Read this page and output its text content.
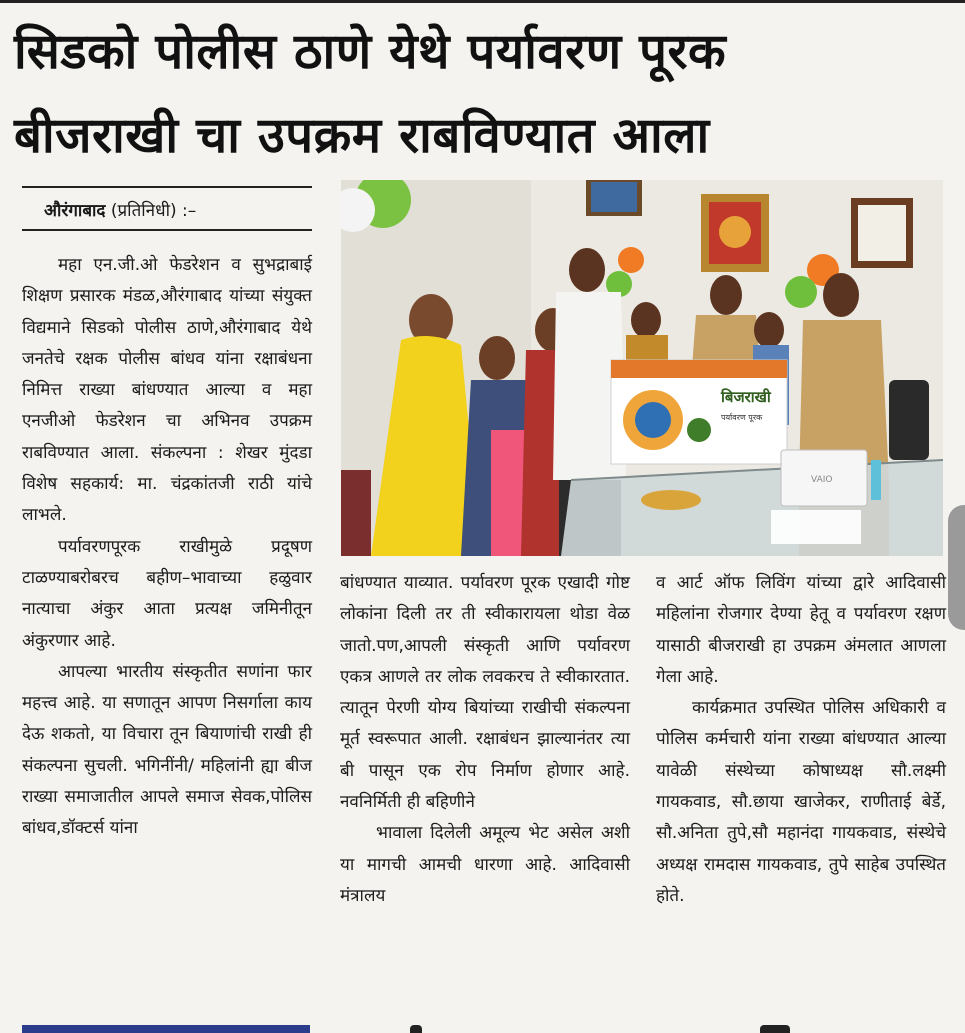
सिडको पोलीस ठाणे येथे पर्यावरण पूरक
बीजराखी चा उपक्रम राबविण्यात आला
औरंगाबाद (प्रतिनिधी) :–

महा एन.जी.ओ फेडरेशन व सुभद्राबाई शिक्षण प्रसारक मंडळ,औरंगाबाद यांच्या संयुक्त विद्यमाने सिडको पोलीस ठाणे,औरंगाबाद येथे जनतेचे रक्षक पोलीस बांधव यांना रक्षाबंधना निमित्त राख्या बांधण्यात आल्या व महा एनजीओ फेडरेशन चा अभिनव उपक्रम राबविण्यात आला. संकल्पना : शेखर मुंदडा विशेष सहकार्य: मा. चंद्रकांतजी राठी यांचे लाभले.

पर्यावरणपूरक राखीमुळे प्रदूषण टाळण्याबरोबरच बहीण–भावाच्या हळुवार नात्याचा अंकुर आता प्रत्यक्ष जमिनीतून अंकुरणार आहे.

आपल्या भारतीय संस्कृतीत सणांना फार महत्त्व आहे. या सणातून आपण निसर्गाला काय देऊ शकतो, या विचारा तून बियाणांची राखी ही संकल्पना सुचली. भगिनींनी/ महिलांनी ह्या बीज राख्या समाजातील आपले समाज सेवक,पोलिस बांधव,डॉक्टर्स यांना

बिजराखी
पर्यावरण पूरक
VAIO

बांधण्यात याव्यात. पर्यावरण पूरक एखादी गोष्ट लोकांना दिली तर ती स्वीकारायला थोडा वेळ जातो.पण,आपली संस्कृती आणि पर्यावरण एकत्र आणले तर लोक लवकरच ते स्वीकारतात. त्यातून पेरणी योग्य बियांच्या राखीची संकल्पना मूर्त स्वरूपात आली. रक्षाबंधन झाल्यानंतर त्या बी पासून एक रोप निर्माण होणार आहे. नवनिर्मिती ही बहिणीने

भावाला दिलेली अमूल्य भेट असेल अशी या मागची आमची धारणा आहे. आदिवासी मंत्रालय

व आर्ट ऑफ लिविंग यांच्या द्वारे आदिवासी महिलांना रोजगार देण्या हेतू व पर्यावरण रक्षण यासाठी बीजराखी हा उपक्रम अंमलात आणला गेला आहे.

कार्यक्रमात उपस्थित पोलिस अधिकारी व पोलिस कर्मचारी यांना राख्या बांधण्यात आल्या यावेळी संस्थेच्या कोषाध्यक्ष सौ.लक्ष्मी गायकवाड, सौ.छाया खाजेकर, राणीताई बेर्डे, सौ.अनिता तुपे,सौ महानंदा गायकवाड, संस्थेचे अध्यक्ष रामदास गायकवाड, तुपे साहेब उपस्थित होते.
